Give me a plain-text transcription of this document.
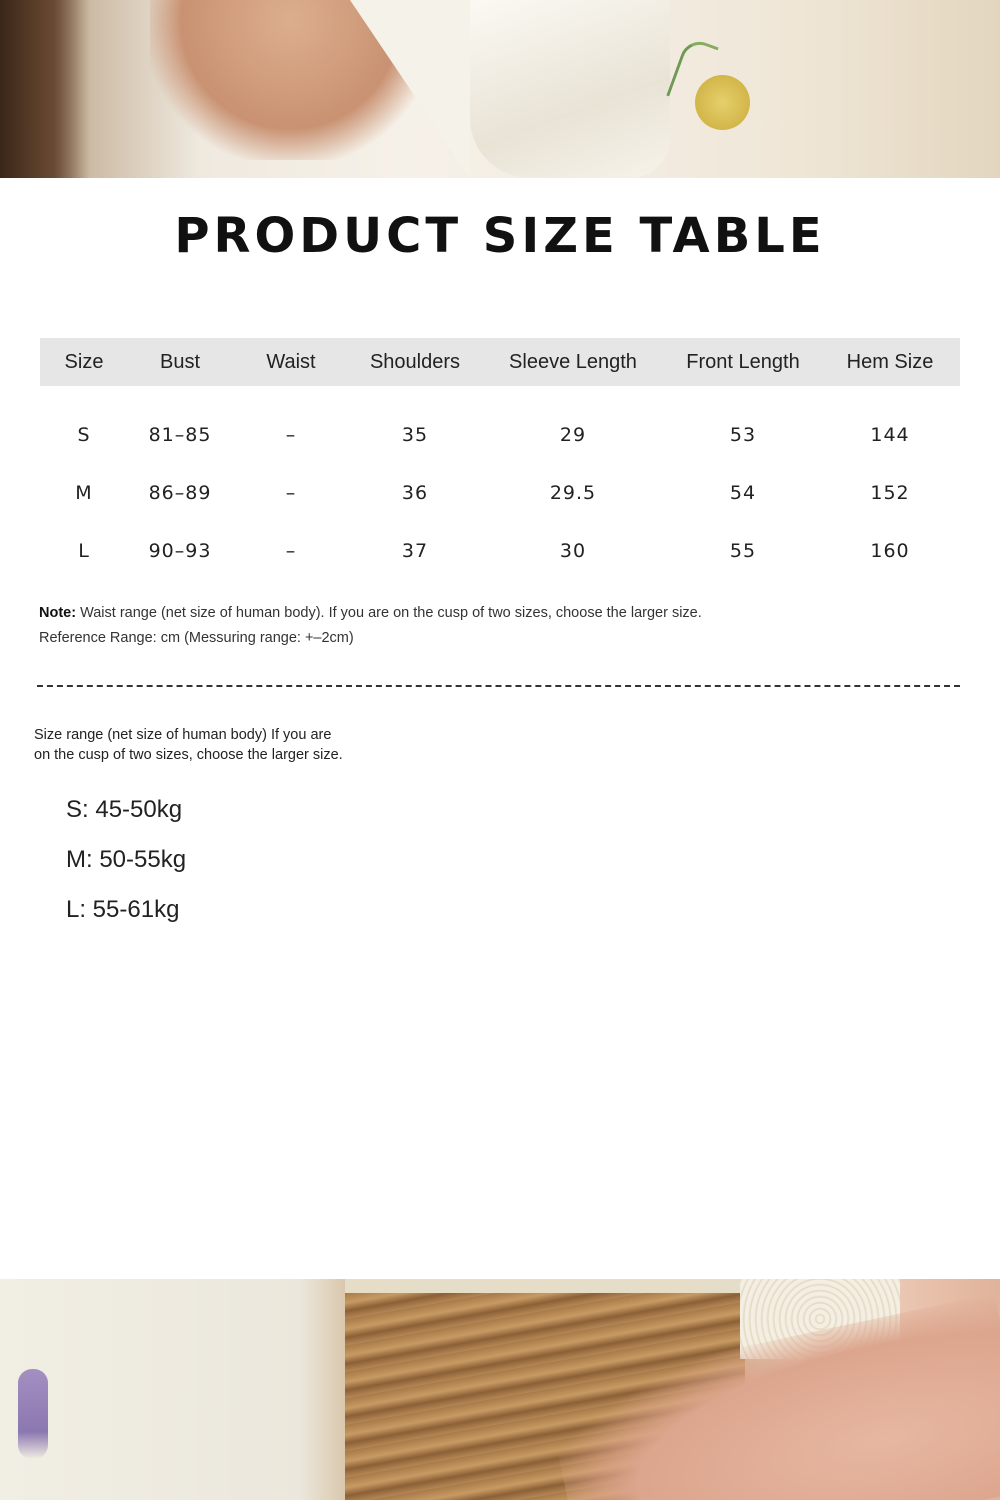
PRODUCT SIZE TABLE
Size	Bust	Waist	Shoulders	Sleeve Length	Front Length	Hem Size
S	81–85	–	35	29	53	144
M	86–89	–	36	29.5	54	152
L	90–93	–	37	30	55	160
Note: Waist range (net size of human body). If you are on the cusp of two sizes, choose the larger size.
Reference Range: cm (Messuring range: +–2cm)
Size range (net size of human body) If you are
on the cusp of two sizes, choose the larger size.
S: 45-50kg
M: 50-55kg
L: 55-61kg
